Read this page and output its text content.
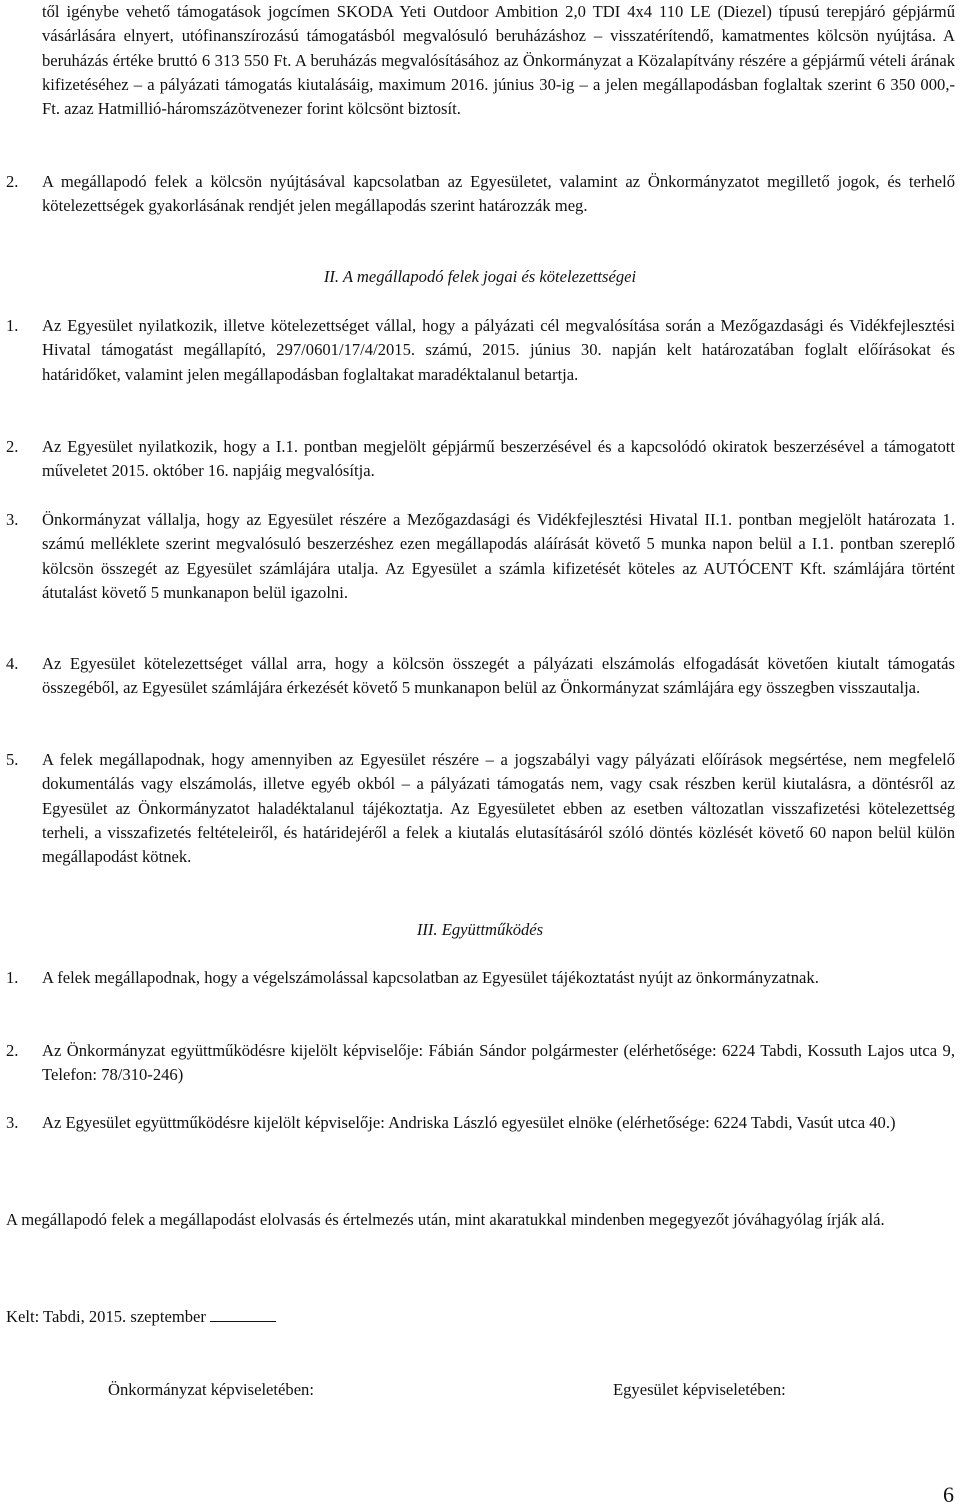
től igénybe vehető támogatások jogcímen SKODA Yeti Outdoor Ambition 2,0 TDI 4x4 110 LE (Diezel) típusú terepjáró gépjármű vásárlására elnyert, utófinanszírozású támogatásból megvalósuló beruházáshoz – visszatérítendő, kamatmentes kölcsön nyújtása. A beruházás értéke bruttó 6 313 550 Ft. A beruházás megvalósításához az Önkormányzat a Közalapítvány részére a gépjármű vételi árának kifizetéséhez – a pályázati támogatás kiutalásáig, maximum 2016. június 30-ig – a jelen megállapodásban foglaltak szerint 6 350 000,- Ft. azaz Hatmillió-háromszázötvenezer forint kölcsönt biztosít.
2.	A megállapodó felek a kölcsön nyújtásával kapcsolatban az Egyesületet, valamint az Önkormányzatot megillető jogok, és terhelő kötelezettségek gyakorlásának rendjét jelen megállapodás szerint határozzák meg.
II. A megállapodó felek jogai és kötelezettségei
1.	Az Egyesület nyilatkozik, illetve kötelezettséget vállal, hogy a pályázati cél megvalósítása során a Mezőgazdasági és Vidékfejlesztési Hivatal támogatást megállapító, 297/0601/17/4/2015. számú, 2015. június 30. napján kelt határozatában foglalt előírásokat és határidőket, valamint jelen megállapodásban foglaltakat maradéktalanul betartja.
2.	Az Egyesület nyilatkozik, hogy a I.1. pontban megjelölt gépjármű beszerzésével és a kapcsolódó okiratok beszerzésével a támogatott műveletet 2015. október 16. napjáig megvalósítja.
3.	Önkormányzat vállalja, hogy az Egyesület részére a Mezőgazdasági és Vidékfejlesztési Hivatal II.1. pontban megjelölt határozata 1. számú melléklete szerint megvalósuló beszerzéshez ezen megállapodás aláírását követő 5 munka napon belül a I.1. pontban szereplő kölcsön összegét az Egyesület számlájára utalja. Az Egyesület a számla kifizetését köteles az AUTÓCENT Kft. számlájára történt átutalást követő 5 munkanapon belül igazolni.
4.	Az Egyesület kötelezettséget vállal arra, hogy a kölcsön összegét a pályázati elszámolás elfogadását követően kiutalt támogatás összegéből, az Egyesület számlájára érkezését követő 5 munkanapon belül az Önkormányzat számlájára egy összegben visszautalja.
5.	A felek megállapodnak, hogy amennyiben az Egyesület részére – a jogszabályi vagy pályázati előírások megsértése, nem megfelelő dokumentálás vagy elszámolás, illetve egyéb okból – a pályázati támogatás nem, vagy csak részben kerül kiutalásra, a döntésről az Egyesület az Önkormányzatot haladéktalanul tájékoztatja. Az Egyesületet ebben az esetben változatlan visszafizetési kötelezettség terheli, a visszafizetés feltételeiről, és határidejéről a felek a kiutalás elutasításáról szóló döntés közlését követő 60 napon belül külön megállapodást kötnek.
III. Együttműködés
1.	A felek megállapodnak, hogy a végelszámolással kapcsolatban az Egyesület tájékoztatást nyújt az önkormányzatnak.
2.	Az Önkormányzat együttműködésre kijelölt képviselője: Fábián Sándor polgármester (elérhetősége: 6224 Tabdi, Kossuth Lajos utca 9, Telefon: 78/310-246)
3.	Az Egyesület együttműködésre kijelölt képviselője: Andriska László egyesület elnöke (elérhetősége: 6224 Tabdi, Vasút utca 40.)
A megállapodó felek a megállapodást elolvasás és értelmezés után, mint akaratukkal mindenben megegyezőt jóváhagyólag írják alá.
Kelt: Tabdi, 2015. szeptember
Önkormányzat képviseletében:	Egyesület képviseletében:
6
